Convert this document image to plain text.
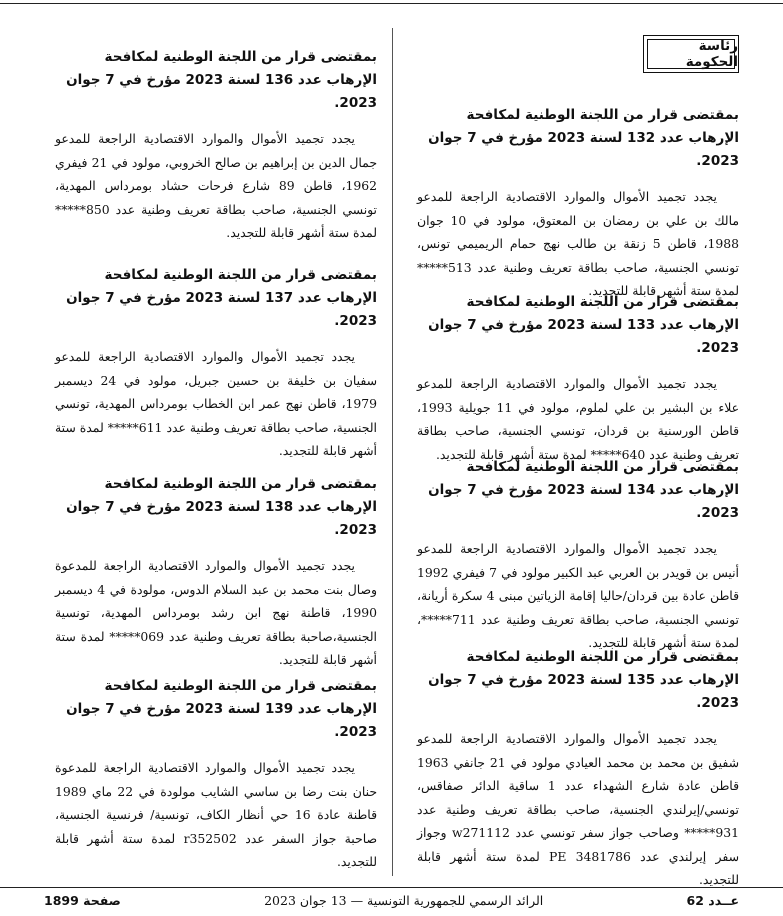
رئاسة الحكومة

بمقتضى قرار من اللجنة الوطنية لمكافحة الإرهاب عدد 132 لسنة 2023 مؤرخ في 7 جوان 2023.

يجدد تجميد الأموال والموارد الاقتصادية الراجعة للمدعو مالك بن علي بن رمضان بن المعتوق، مولود في 10 جوان 1988، قاطن 5 زنقة بن طالب نهج حمام الريميمي تونس، تونسي الجنسية، صاحب بطاقة تعريف وطنية عدد 513***** لمدة ستة أشهر قابلة للتجديد.

بمقتضى قرار من اللجنة الوطنية لمكافحة الإرهاب عدد 133 لسنة 2023 مؤرخ في 7 جوان 2023.

يجدد تجميد الأموال والموارد الاقتصادية الراجعة للمدعو علاء بن البشير بن علي لملوم، مولود في 11 جويلية 1993، قاطن الورسنية بن قردان، تونسي الجنسية، صاحب بطاقة تعريف وطنية عدد 640***** لمدة ستة أشهر قابلة للتجديد.

بمقتضى قرار من اللجنة الوطنية لمكافحة الإرهاب عدد 134 لسنة 2023 مؤرخ في 7 جوان 2023.

يجدد تجميد الأموال والموارد الاقتصادية الراجعة للمدعو أنيس بن قويدر بن العربي عبد الكبير مولود في 7 فيفري 1992 قاطن عادة بين قردان/حاليا إقامة الزياتين مبنى 4 سكرة أريانة، تونسي الجنسية، صاحب بطاقة تعريف وطنية عدد 711*****، لمدة ستة أشهر قابلة للتجديد.

بمقتضى قرار من اللجنة الوطنية لمكافحة الإرهاب عدد 135 لسنة 2023 مؤرخ في 7 جوان 2023.

يجدد تجميد الأموال والموارد الاقتصادية الراجعة للمدعو شفيق بن محمد بن محمد العيادي مولود في 21 جانفي 1963 قاطن عادة شارع الشهداء عدد 1 ساقية الدائر صفاقس، تونسي/إيرلندي الجنسية، صاحب بطاقة تعريف وطنية عدد 931***** وصاحب جواز سفر تونسي عدد w271112 وجواز سفر إيرلندي عدد PE 3481786 لمدة ستة أشهر قابلة للتجديد.

بمقتضى قرار من اللجنة الوطنية لمكافحة الإرهاب عدد 136 لسنة 2023 مؤرخ في 7 جوان 2023.

يجدد تجميد الأموال والموارد الاقتصادية الراجعة للمدعو جمال الدين بن إبراهيم بن صالح الخروبي، مولود في 21 فيفري 1962، قاطن 89 شارع فرحات حشاد بومرداس المهدية، تونسي الجنسية، صاحب بطاقة تعريف وطنية عدد 850***** لمدة ستة أشهر قابلة للتجديد.

بمقتضى قرار من اللجنة الوطنية لمكافحة الإرهاب عدد 137 لسنة 2023 مؤرخ في 7 جوان 2023.

يجدد تجميد الأموال والموارد الاقتصادية الراجعة للمدعو سفيان بن خليفة بن حسين جبريل، مولود في 24 ديسمبر 1979، قاطن نهج عمر ابن الخطاب بومرداس المهدية، تونسي الجنسية، صاحب بطاقة تعريف وطنية عدد 611***** لمدة ستة أشهر قابلة للتجديد.

بمقتضى قرار من اللجنة الوطنية لمكافحة الإرهاب عدد 138 لسنة 2023 مؤرخ في 7 جوان 2023.

يجدد تجميد الأموال والموارد الاقتصادية الراجعة للمدعوة وصال بنت محمد بن عبد السلام الدوس، مولودة في 4 ديسمبر 1990، قاطنة نهج ابن رشد بومرداس المهدية، تونسية الجنسية،صاحبة بطاقة تعريف وطنية عدد 069***** لمدة ستة أشهر قابلة للتجديد.

بمقتضى قرار من اللجنة الوطنية لمكافحة الإرهاب عدد 139 لسنة 2023 مؤرخ في 7 جوان 2023.

يجدد تجميد الأموال والموارد الاقتصادية الراجعة للمدعوة حنان بنت رضا بن ساسي الشايب مولودة في 22 ماي 1989 قاطنة عادة 16 حي أنظار الكاف، تونسية/ فرنسية الجنسية، صاحبة جواز السفر عدد r352502 لمدة ستة أشهر قابلة للتجديد.

عــدد 62
الرائد الرسمي للجمهورية التونسية — 13 جوان 2023
صفحة 1899
